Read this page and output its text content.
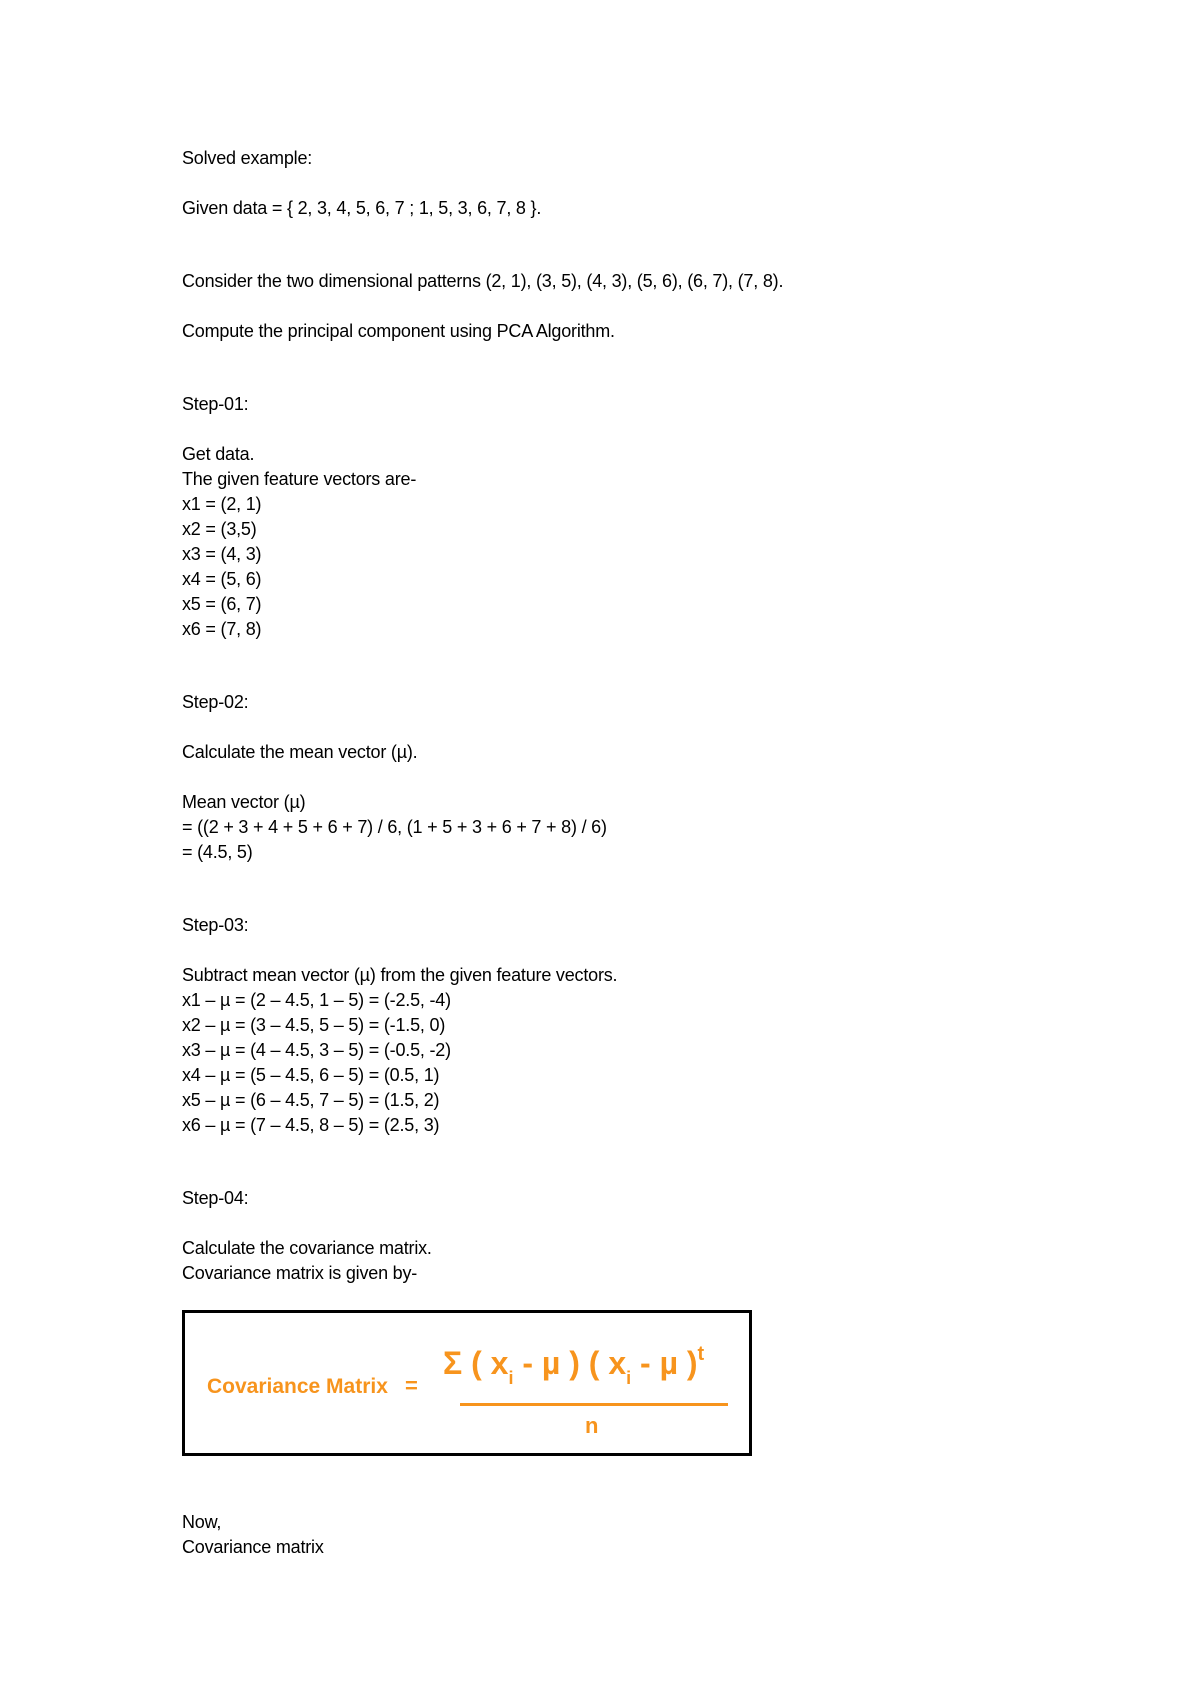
Solved example:
Given data = { 2, 3, 4, 5, 6, 7 ; 1, 5, 3, 6, 7, 8 }.
Consider the two dimensional patterns (2, 1), (3, 5), (4, 3), (5, 6), (6, 7), (7, 8).
Compute the principal component using PCA Algorithm.
Step-01:
Get data.
The given feature vectors are-
x1 = (2, 1)
x2 = (3,5)
x3 = (4, 3)
x4 = (5, 6)
x5 = (6, 7)
x6 = (7, 8)
Step-02:
Calculate the mean vector (µ).
Mean vector (µ)
= ((2 + 3 + 4 + 5 + 6 + 7) / 6, (1 + 5 + 3 + 6 + 7 + 8) / 6)
= (4.5, 5)
Step-03:
Subtract mean vector (µ) from the given feature vectors.
x1 – µ = (2 – 4.5, 1 – 5) = (-2.5, -4)
x2 – µ = (3 – 4.5, 5 – 5) = (-1.5, 0)
x3 – µ = (4 – 4.5, 3 – 5) = (-0.5, -2)
x4 – µ = (5 – 4.5, 6 – 5) = (0.5, 1)
x5 – µ = (6 – 4.5, 7 – 5) = (1.5, 2)
x6 – µ = (7 – 4.5, 8 – 5) = (2.5, 3)
Step-04:
Calculate the covariance matrix.
Covariance matrix is given by-
Covariance Matrix =
Σ ( $x_i$ - µ ) ( $x_i$ - µ )$^t$
n
Now,
Covariance matrix
